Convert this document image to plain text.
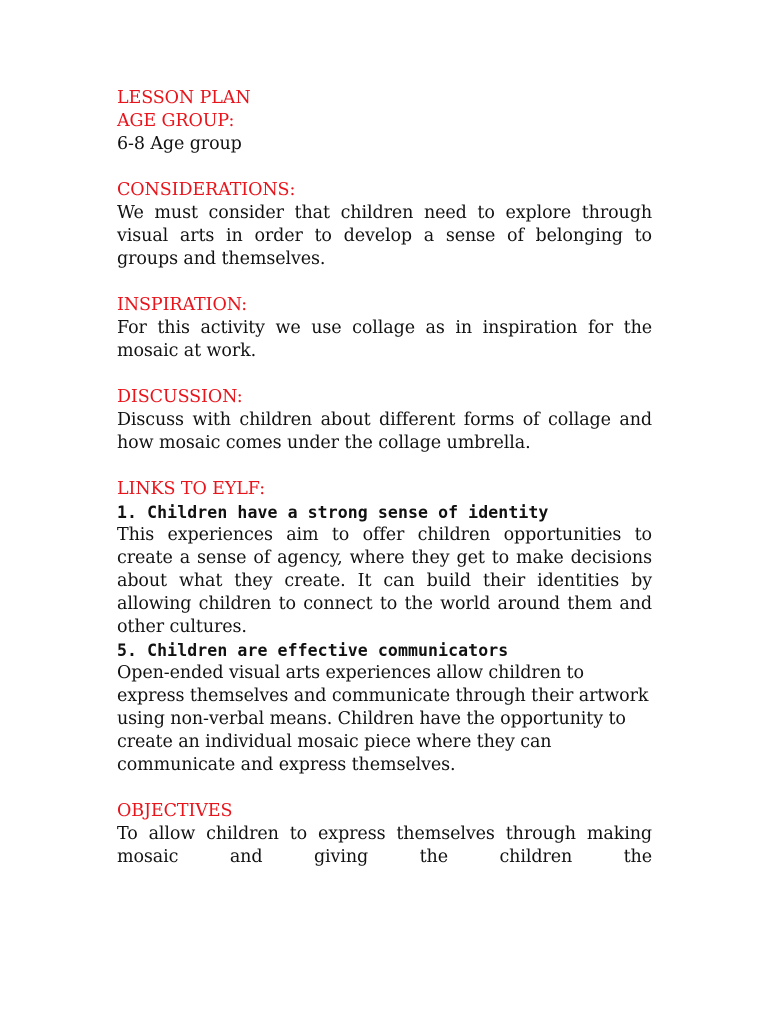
LESSON PLAN

AGE GROUP:

6-8 Age group

CONSIDERATIONS:

We must consider that children need to explore through visual arts in order to develop a sense of belonging to groups and themselves.

INSPIRATION:

For this activity we use collage as in inspiration for the mosaic at work.

DISCUSSION:

Discuss with children about different forms of collage and how mosaic comes under the collage umbrella.

LINKS TO EYLF:

1. Children have a strong sense of identity

This experiences aim to offer children opportunities to create a sense of agency, where they get to make decisions about what they create. It can build their identities by allowing children to connect to the world around them and other cultures.

5. Children are effective communicators

Open-ended visual arts experiences allow children to express themselves and communicate through their artwork using non-verbal means. Children have the opportunity to create an individual mosaic piece where they can communicate and express themselves.

OBJECTIVES

To allow children to express themselves through making mosaic and giving the children the
